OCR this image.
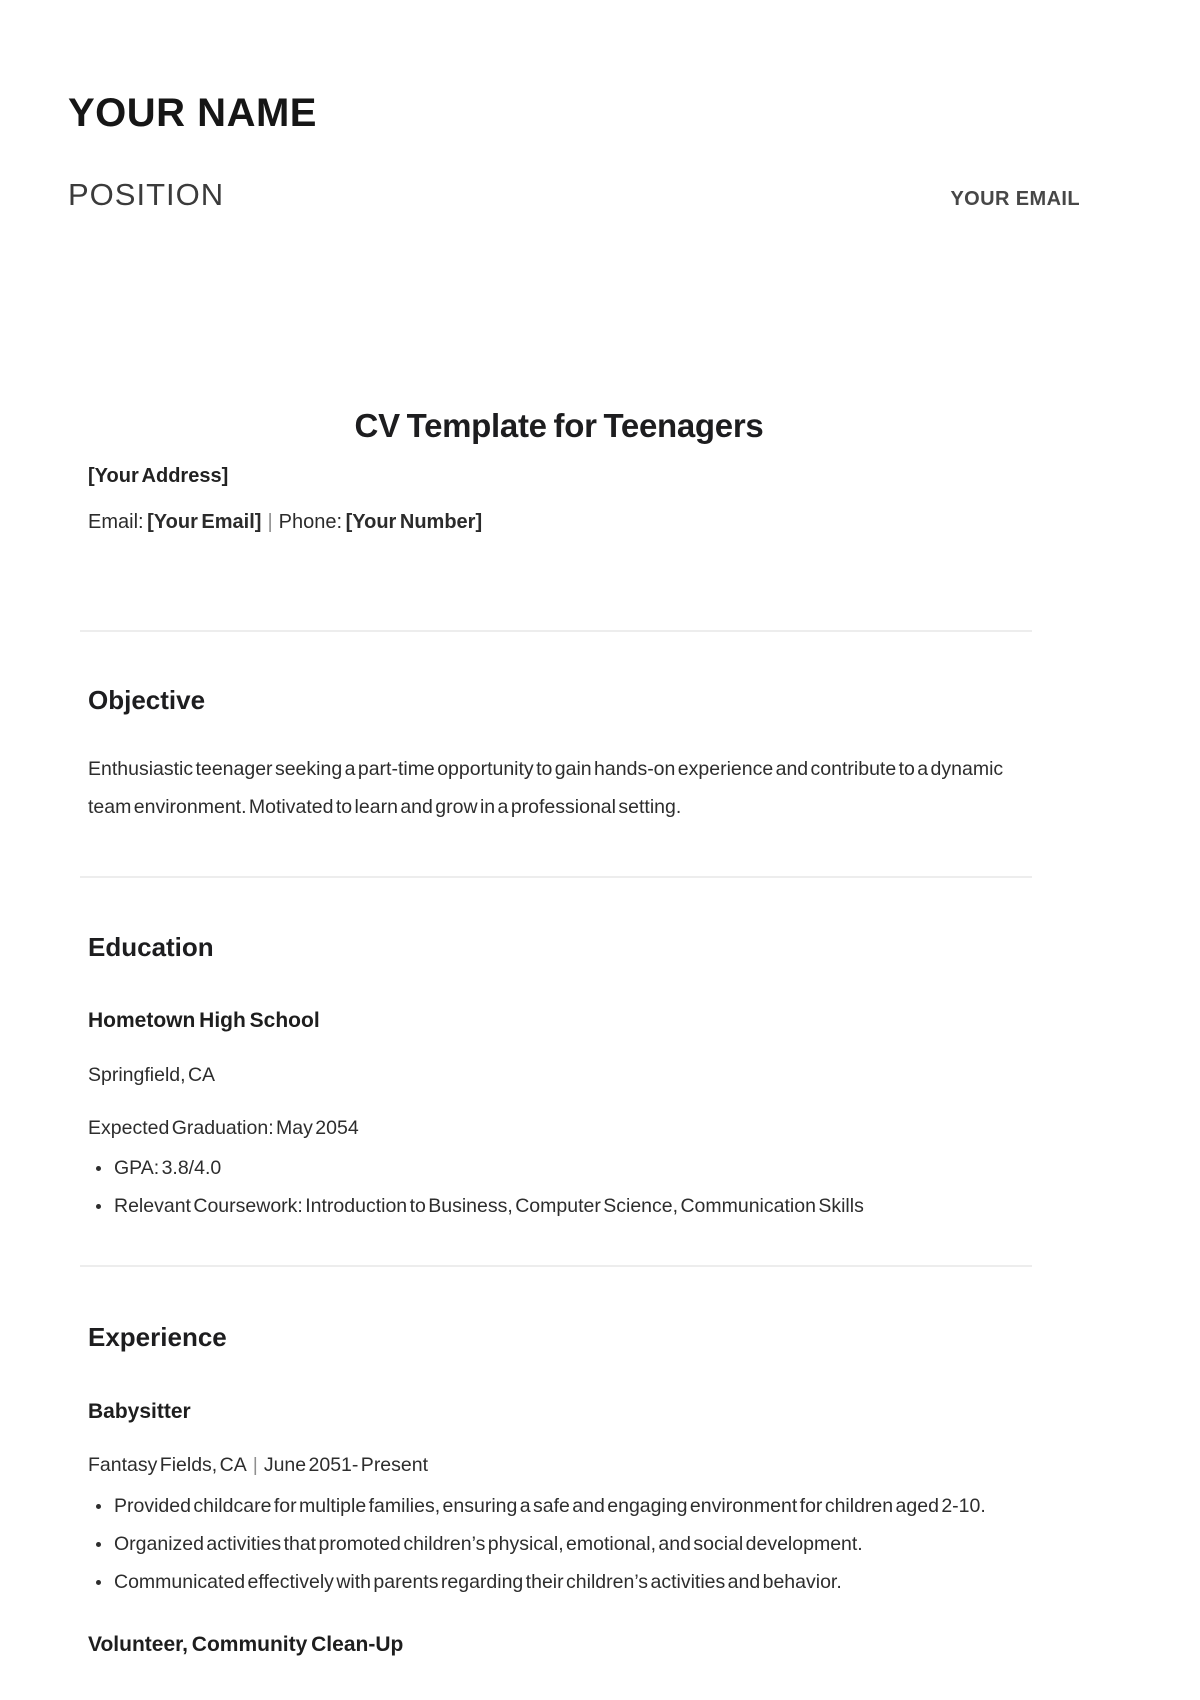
YOUR NAME
POSITION	YOUR EMAIL
CV Template for Teenagers
[Your Address]
Email: [Your Email] | Phone: [Your Number]
Objective
Enthusiastic teenager seeking a part-time opportunity to gain hands-on experience and contribute to a dynamic team environment. Motivated to learn and grow in a professional setting.
Education
Hometown High School
Springfield, CA
Expected Graduation: May 2054
GPA: 3.8/4.0
Relevant Coursework: Introduction to Business, Computer Science, Communication Skills
Experience
Babysitter
Fantasy Fields, CA | June 2051- Present
Provided childcare for multiple families, ensuring a safe and engaging environment for children aged 2-10.
Organized activities that promoted children’s physical, emotional, and social development.
Communicated effectively with parents regarding their children’s activities and behavior.
Volunteer, Community Clean-Up
